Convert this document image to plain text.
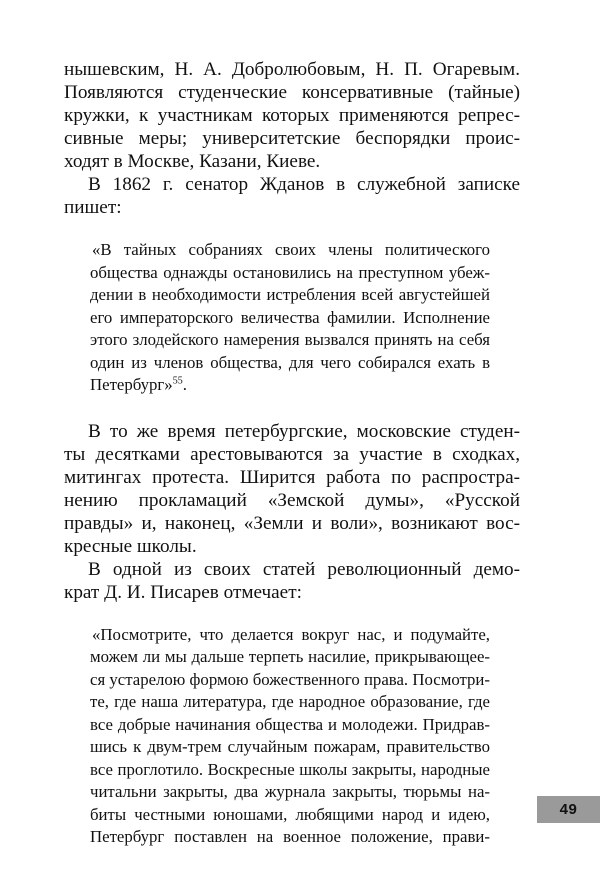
нышевским, Н. А. Добролюбовым, Н. П. Огаревым.
Появляются студенческие консервативные (тайные)
кружки, к участникам которых применяются репрес-
сивные меры; университетские беспорядки проис-
ходят в Москве, Казани, Киеве.
В 1862 г. сенатор Жданов в служебной записке
пишет:
«В тайных собраниях своих члены политического
общества однажды остановились на преступном убеж-
дении в необходимости истребления всей августейшей
его императорского величества фамилии. Исполнение
этого злодейского намерения вызвался принять на себя
один из членов общества, для чего собирался ехать в
Петербург»$^{55}$.
В то же время петербургские, московские студен-
ты десятками арестовываются за участие в сходках,
митингах протеста. Ширится работа по распростра-
нению прокламаций «Земской думы», «Русской
правды» и, наконец, «Земли и воли», возникают вос-
кресные школы.
В одной из своих статей революционный демо-
крат Д. И. Писарев отмечает:
«Посмотрите, что делается вокруг нас, и подумайте,
можем ли мы дальше терпеть насилие, прикрывающее-
ся устарелою формою божественного права. Посмотри-
те, где наша литература, где народное образование, где
все добрые начинания общества и молодежи. Придрав-
шись к двум-трем случайным пожарам, правительство
все проглотило. Воскресные школы закрыты, народные
читальни закрыты, два журнала закрыты, тюрьмы на-
биты честными юношами, любящими народ и идею,
Петербург поставлен на военное положение, прави-
49
